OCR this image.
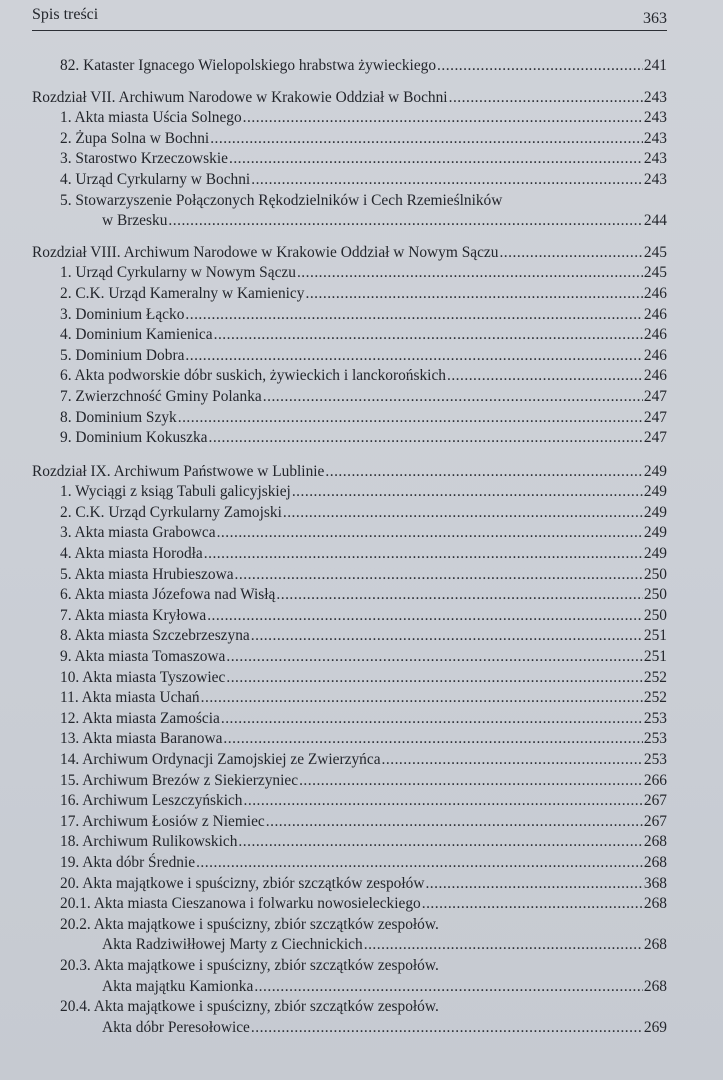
Spis treści	363
82. Kataster Ignacego Wielopolskiego hrabstwa żywieckiego .....	241
Rozdział VII. Archiwum Narodowe w Krakowie Oddział w Bochni .....	243
1. Akta miasta Uścia Solnego .....	243
2. Żupa Solna w Bochni .....	243
3. Starostwo Krzeczowskie .....	243
4. Urząd Cyrkularny w Bochni .....	243
5. Stowarzyszenie Połączonych Rękodzielników i Cech Rzemieślników
w Brzesku .....	244
Rozdział VIII. Archiwum Narodowe w Krakowie Oddział w Nowym Sączu .....	245
1. Urząd Cyrkularny w Nowym Sączu .....	245
2. C.K. Urząd Kameralny w Kamienicy .....	246
3. Dominium Łącko .....	246
4. Dominium Kamienica .....	246
5. Dominium Dobra .....	246
6. Akta podworskie dóbr suskich, żywieckich i lanckorońskich .....	246
7. Zwierzchność Gminy Polanka .....	247
8. Dominium Szyk .....	247
9. Dominium Kokuszka .....	247
Rozdział IX. Archiwum Państwowe w Lublinie .....	249
1. Wyciągi z ksiąg Tabuli galicyjskiej .....	249
2. C.K. Urząd Cyrkularny Zamojski .....	249
3. Akta miasta Grabowca .....	249
4. Akta miasta Horodła .....	249
5. Akta miasta Hrubieszowa .....	250
6. Akta miasta Józefowa nad Wisłą .....	250
7. Akta miasta Kryłowa .....	250
8. Akta miasta Szczebrzeszyna .....	251
9. Akta miasta Tomaszowa .....	251
10. Akta miasta Tyszowiec .....	252
11. Akta miasta Uchań .....	252
12. Akta miasta Zamościa .....	253
13. Akta miasta Baranowa .....	253
14. Archiwum Ordynacji Zamojskiej ze Zwierzyńca .....	253
15. Archiwum Brezów z Siekierzyniec .....	266
16. Archiwum Leszczyńskich .....	267
17. Archiwum Łosiów z Niemiec .....	267
18. Archiwum Rulikowskich .....	268
19. Akta dóbr Średnie .....	268
20. Akta majątkowe i spuścizny, zbiór szczątków zespołów .....	368
20.1. Akta miasta Cieszanowa i folwarku nowosieleckiego .....	268
20.2. Akta majątkowe i spuścizny, zbiór szczątków zespołów.
Akta Radziwiłłowej Marty z Ciechnickich .....	268
20.3. Akta majątkowe i spuścizny, zbiór szczątków zespołów.
Akta majątku Kamionka .....	268
20.4. Akta majątkowe i spuścizny, zbiór szczątków zespołów.
Akta dóbr Peresołowice .....	269
